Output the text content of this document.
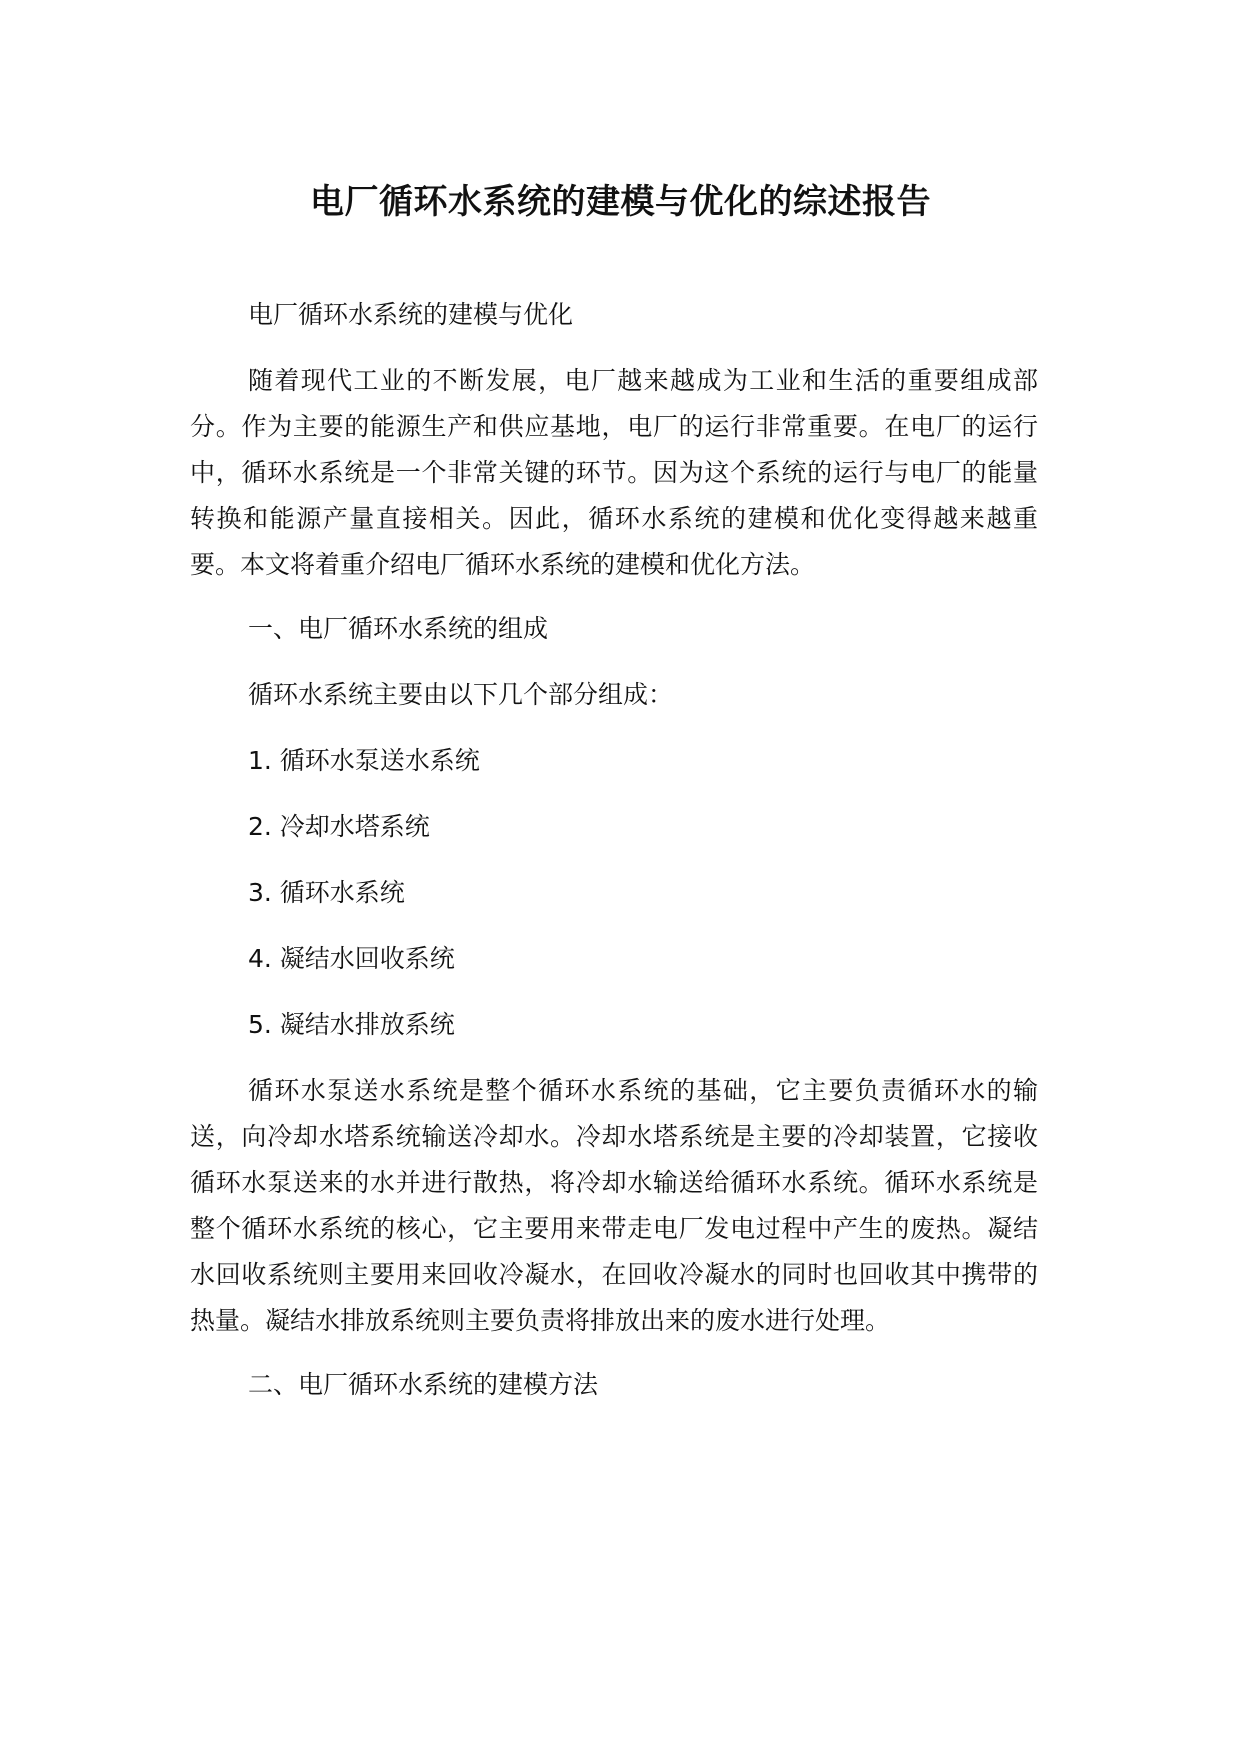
电厂循环水系统的建模与优化的综述报告

电厂循环水系统的建模与优化

随着现代工业的不断发展，电厂越来越成为工业和生活的重要组成部分。作为主要的能源生产和供应基地，电厂的运行非常重要。在电厂的运行中，循环水系统是一个非常关键的环节。因为这个系统的运行与电厂的能量转换和能源产量直接相关。因此，循环水系统的建模和优化变得越来越重要。本文将着重介绍电厂循环水系统的建模和优化方法。

一、电厂循环水系统的组成

循环水系统主要由以下几个部分组成：

1. 循环水泵送水系统

2. 冷却水塔系统

3. 循环水系统

4. 凝结水回收系统

5. 凝结水排放系统

循环水泵送水系统是整个循环水系统的基础，它主要负责循环水的输送，向冷却水塔系统输送冷却水。冷却水塔系统是主要的冷却装置，它接收循环水泵送来的水并进行散热，将冷却水输送给循环水系统。循环水系统是整个循环水系统的核心，它主要用来带走电厂发电过程中产生的废热。凝结水回收系统则主要用来回收冷凝水，在回收冷凝水的同时也回收其中携带的热量。凝结水排放系统则主要负责将排放出来的废水进行处理。

二、电厂循环水系统的建模方法
